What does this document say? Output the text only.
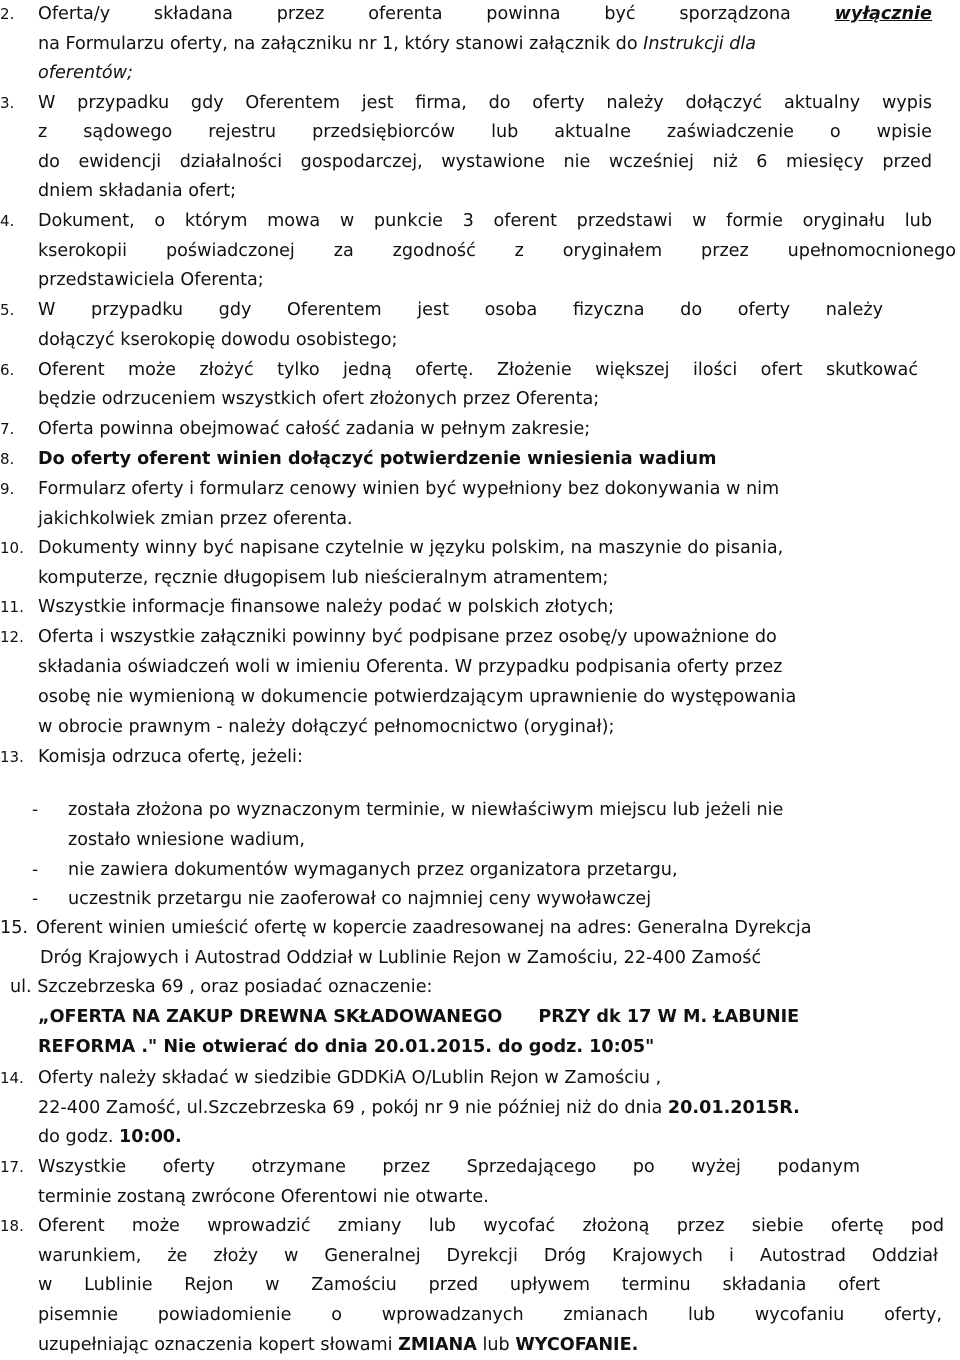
2. Oferta/y składana przez oferenta powinna być sporządzona wyłącznie
na Formularzu oferty, na załączniku nr 1, który stanowi załącznik do Instrukcji dla
oferentów;
3. W przypadku gdy Oferentem jest firma, do oferty należy dołączyć aktualny wypis
z sądowego rejestru przedsiębiorców lub aktualne zaświadczenie o wpisie
do ewidencji działalności gospodarczej, wystawione nie wcześniej niż 6 miesięcy przed
dniem składania ofert;
4. Dokument, o którym mowa w punkcie 3 oferent przedstawi w formie oryginału lub
kserokopii poświadczonej za zgodność z oryginałem przez upełnomocnionego
przedstawiciela Oferenta;
5. W przypadku gdy Oferentem jest osoba fizyczna do oferty należy
dołączyć kserokopię dowodu osobistego;
6. Oferent może złożyć tylko jedną ofertę. Złożenie większej ilości ofert skutkować
będzie odrzuceniem wszystkich ofert złożonych przez Oferenta;
7. Oferta powinna obejmować całość zadania w pełnym zakresie;
8. Do oferty oferent winien dołączyć potwierdzenie wniesienia wadium
9. Formularz oferty i formularz cenowy winien być wypełniony bez dokonywania w nim
jakichkolwiek zmian przez oferenta.
10. Dokumenty winny być napisane czytelnie w języku polskim, na maszynie do pisania,
komputerze, ręcznie długopisem lub nieścieralnym atramentem;
11. Wszystkie informacje finansowe należy podać w polskich złotych;
12. Oferta i wszystkie załączniki powinny być podpisane przez osobę/y upoważnione do
składania oświadczeń woli w imieniu Oferenta. W przypadku podpisania oferty przez
osobę nie wymienioną w dokumencie potwierdzającym uprawnienie do występowania
w obrocie prawnym - należy dołączyć pełnomocnictwo (oryginał);
13. Komisja odrzuca ofertę, jeżeli:
- została złożona po wyznaczonym terminie, w niewłaściwym miejscu lub jeżeli nie
zostało wniesione wadium,
- nie zawiera dokumentów wymaganych przez organizatora przetargu,
- uczestnik przetargu nie zaoferował co najmniej ceny wywoławczej
15. Oferent winien umieścić ofertę w kopercie zaadresowanej na adres: Generalna Dyrekcja
Dróg Krajowych i Autostrad Oddział w Lublinie Rejon w Zamościu, 22-400 Zamość
ul. Szczebrzeska 69 , oraz posiadać oznaczenie:
„OFERTA NA ZAKUP DREWNA SKŁADOWANEGO PRZY dk 17 W M. ŁABUNIE
REFORMA ." Nie otwierać do dnia 20.01.2015. do godz. 10:05"
14. Oferty należy składać w siedzibie GDDKiA O/Lublin Rejon w Zamościu ,
22-400 Zamość, ul.Szczebrzeska 69 , pokój nr 9 nie później niż do dnia 20.01.2015R.
do godz. 10:00.
17. Wszystkie oferty otrzymane przez Sprzedającego po wyżej podanym
terminie zostaną zwrócone Oferentowi nie otwarte.
18. Oferent może wprowadzić zmiany lub wycofać złożoną przez siebie ofertę pod
warunkiem, że złoży w Generalnej Dyrekcji Dróg Krajowych i Autostrad Oddział
w Lublinie Rejon w Zamościu przed upływem terminu składania ofert
pisemnie powiadomienie o wprowadzanych zmianach lub wycofaniu oferty,
uzupełniając oznaczenia kopert słowami ZMIANA lub WYCOFANIE.
